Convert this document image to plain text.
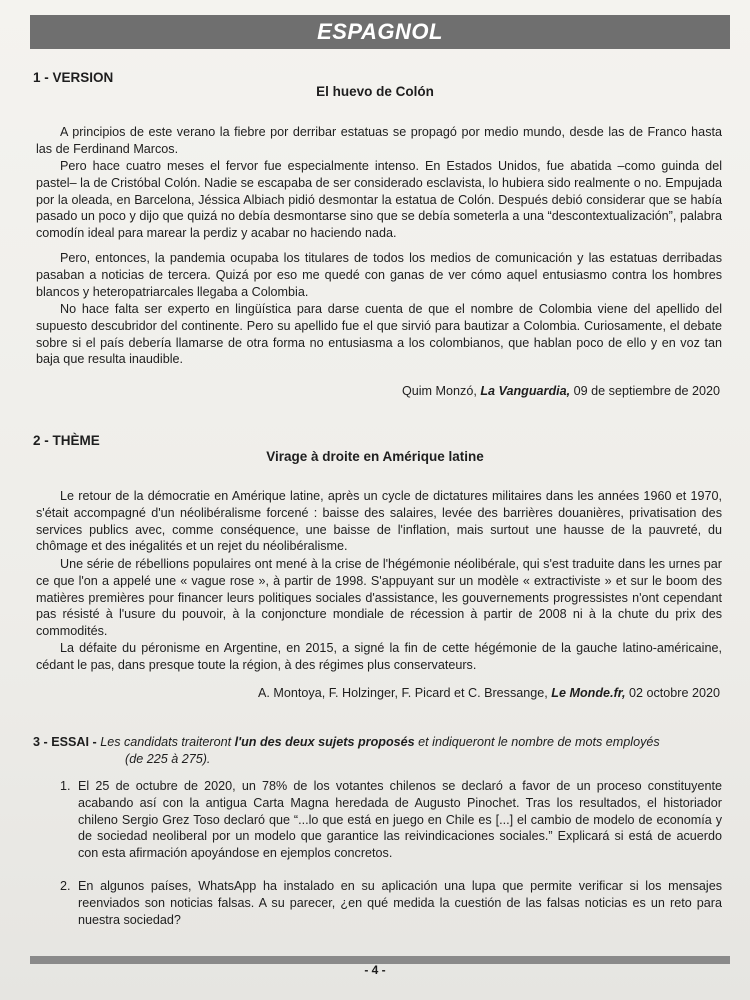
ESPAGNOL
1 - VERSION
El huevo de Colón

A principios de este verano la fiebre por derribar estatuas se propagó por medio mundo, desde las de Franco hasta las de Ferdinand Marcos.

Pero hace cuatro meses el fervor fue especialmente intenso. En Estados Unidos, fue abatida –como guinda del pastel– la de Cristóbal Colón. Nadie se escapaba de ser considerado esclavista, lo hubiera sido realmente o no. Empujada por la oleada, en Barcelona, Jéssica Albiach pidió desmontar la estatua de Colón. Después debió considerar que se había pasado un poco y dijo que quizá no debía desmontarse sino que se debía someterla a una “descontextualización”, palabra comodín ideal para marear la perdiz y acabar no haciendo nada.

Pero, entonces, la pandemia ocupaba los titulares de todos los medios de comunicación y las estatuas derribadas pasaban a noticias de tercera. Quizá por eso me quedé con ganas de ver cómo aquel entusiasmo contra los hombres blancos y heteropatriarcales llegaba a Colombia.

No hace falta ser experto en lingüística para darse cuenta de que el nombre de Colombia viene del apellido del supuesto descubridor del continente. Pero su apellido fue el que sirvió para bautizar a Colombia. Curiosamente, el debate sobre si el país debería llamarse de otra forma no entusiasma a los colombianos, que hablan poco de ello y en voz tan baja que resulta inaudible.

Quim Monzó, La Vanguardia, 09 de septiembre de 2020
2 - THÈME
Virage à droite en Amérique latine

Le retour de la démocratie en Amérique latine, après un cycle de dictatures militaires dans les années 1960 et 1970, s'était accompagné d'un néolibéralisme forcené : baisse des salaires, levée des barrières douanières, privatisation des services publics avec, comme conséquence, une baisse de l'inflation, mais surtout une hausse de la pauvreté, du chômage et des inégalités et un rejet du néolibéralisme.

Une série de rébellions populaires ont mené à la crise de l'hégémonie néolibérale, qui s'est traduite dans les urnes par ce que l'on a appelé une « vague rose », à partir de 1998. S'appuyant sur un modèle « extractiviste » et sur le boom des matières premières pour financer leurs politiques sociales d'assistance, les gouvernements progressistes n'ont cependant pas résisté à l'usure du pouvoir, à la conjoncture mondiale de récession à partir de 2008 ni à la chute du prix des commodités.

La défaite du péronisme en Argentine, en 2015, a signé la fin de cette hégémonie de la gauche latino-américaine, cédant le pas, dans presque toute la région, à des régimes plus conservateurs.

A. Montoya, F. Holzinger, F. Picard et C. Bressange, Le Monde.fr, 02 octobre 2020
3 - ESSAI - Les candidats traiteront l'un des deux sujets proposés et indiqueront le nombre de mots employés
(de 225 à 275).
1. El 25 de octubre de 2020, un 78% de los votantes chilenos se declaró a favor de un proceso constituyente acabando así con la antigua Carta Magna heredada de Augusto Pinochet. Tras los resultados, el historiador chileno Sergio Grez Toso declaró que “...lo que está en juego en Chile es [...] el cambio de modelo de economía y de sociedad neoliberal por un modelo que garantice las reivindicaciones sociales.” Explicará si está de acuerdo con esta afirmación apoyándose en ejemplos concretos.
2. En algunos países, WhatsApp ha instalado en su aplicación una lupa que permite verificar si los mensajes reenviados son noticias falsas. A su parecer, ¿en qué medida la cuestión de las falsas noticias es un reto para nuestra sociedad?
- 4 -
